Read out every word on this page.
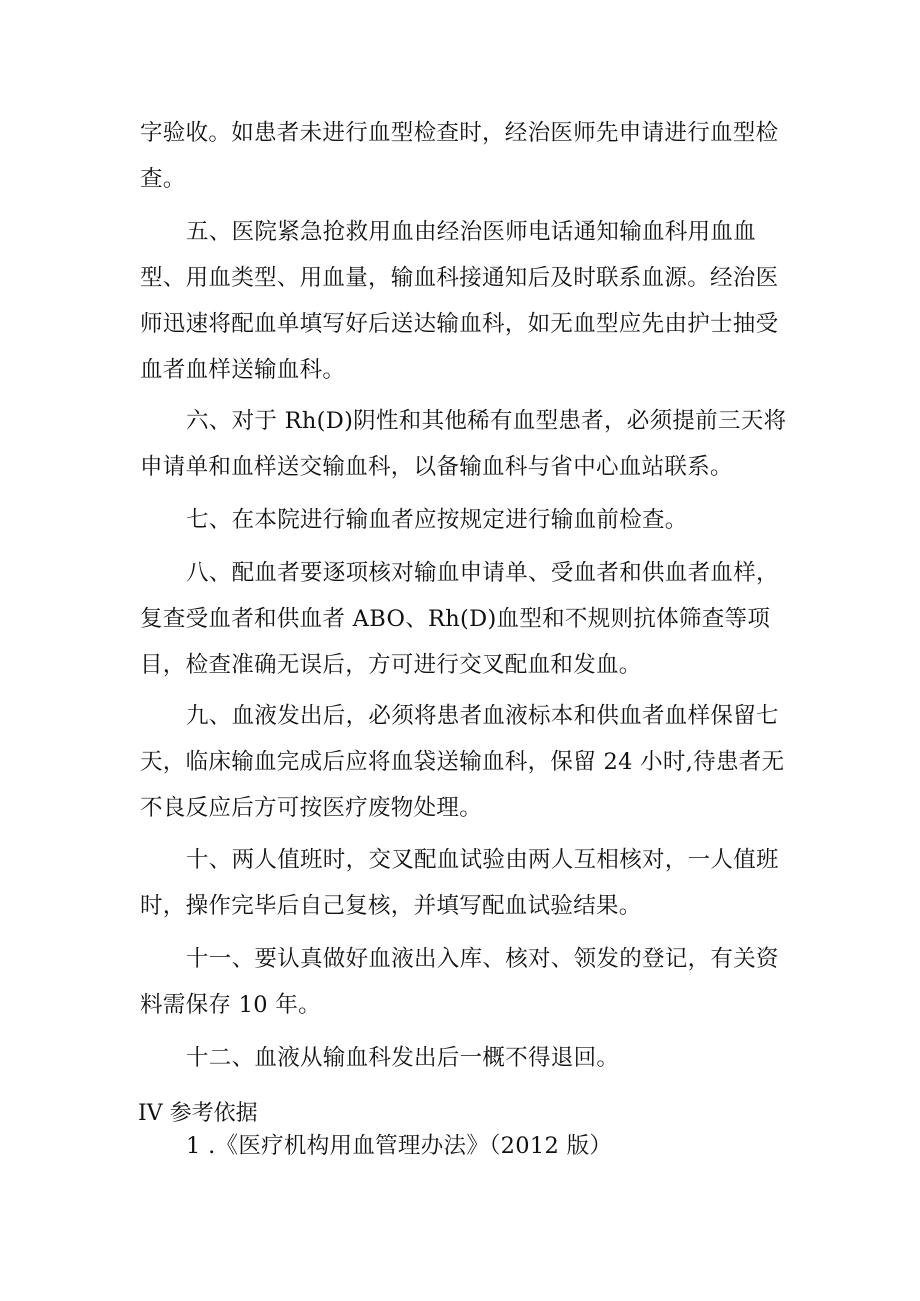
字验收。如患者未进行血型检查时，经治医师先申请进行血型检查。

五、医院紧急抢救用血由经治医师电话通知输血科用血血型、用血类型、用血量，输血科接通知后及时联系血源。经治医师迅速将配血单填写好后送达输血科，如无血型应先由护士抽受血者血样送输血科。

六、对于 Rh(D)阴性和其他稀有血型患者，必须提前三天将申请单和血样送交输血科，以备输血科与省中心血站联系。

七、在本院进行输血者应按规定进行输血前检查。

八、配血者要逐项核对输血申请单、受血者和供血者血样，复查受血者和供血者 ABO、Rh(D)血型和不规则抗体筛查等项目，检查准确无误后，方可进行交叉配血和发血。

九、血液发出后，必须将患者血液标本和供血者血样保留七天，临床输血完成后应将血袋送输血科，保留 24 小时,待患者无不良反应后方可按医疗废物处理。

十、两人值班时，交叉配血试验由两人互相核对，一人值班时，操作完毕后自己复核，并填写配血试验结果。

十一、要认真做好血液出入库、核对、领发的登记，有关资料需保存 10 年。

十二、血液从输血科发出后一概不得退回。

IV 参考依据

1 .《医疗机构用血管理办法》（2012 版）
